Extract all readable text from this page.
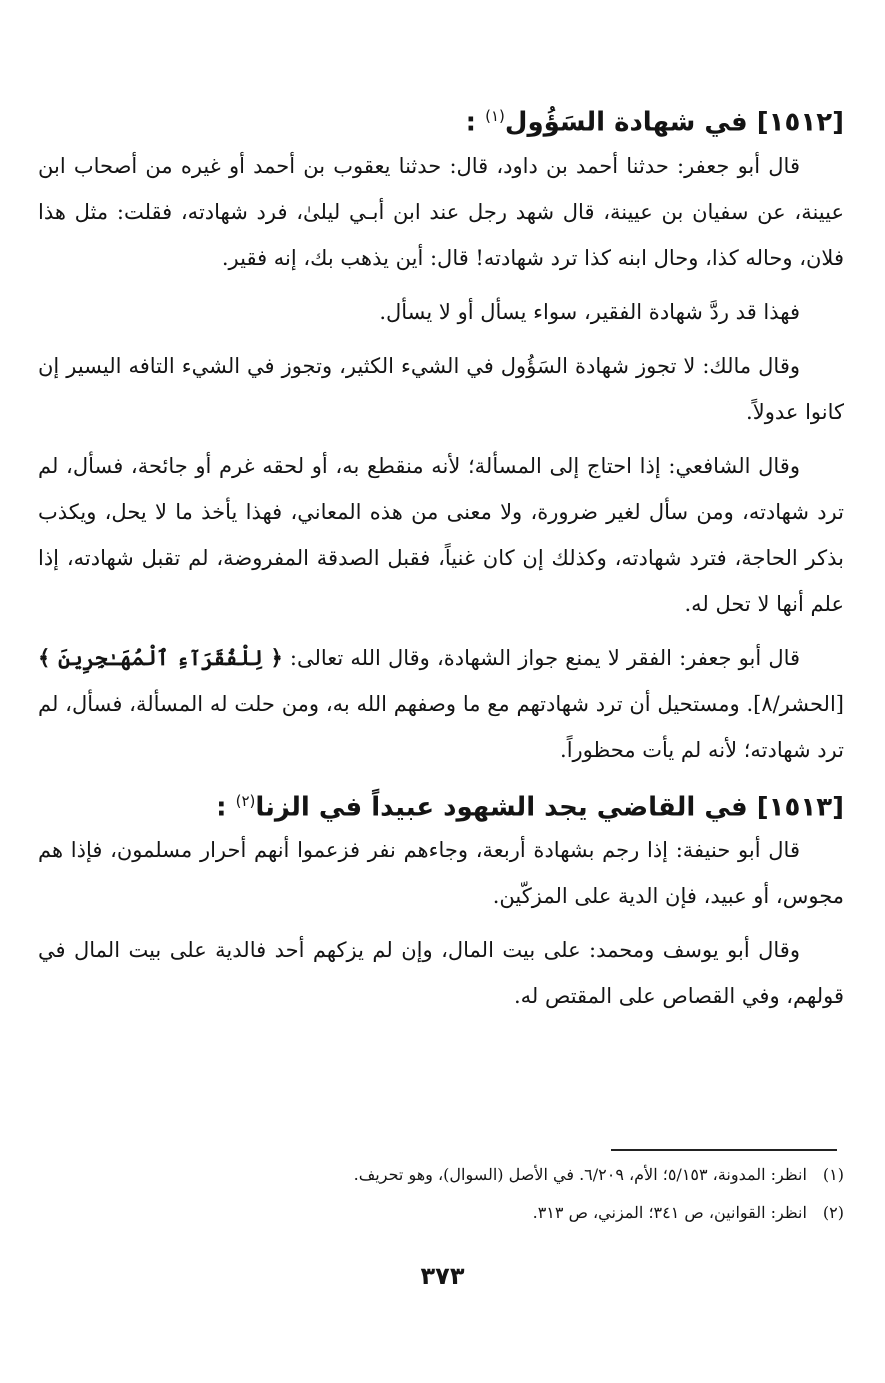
[١٥١٢] في شهادة السَؤُول$^{(١)}$ :

قال أبو جعفر: حدثنا أحمد بن داود، قال: حدثنا يعقوب بن أحمد أو غيره من أصحاب ابن عيينة، عن سفيان بن عيينة، قال شهد رجل عند ابن أبـي ليلىٰ، فرد شهادته، فقلت: مثل هذا فلان، وحاله كذا، وحال ابنه كذا ترد شهادته! قال: أين يذهب بك، إنه فقير.

فهذا قد ردَّ شهادة الفقير، سواء يسأل أو لا يسأل.

وقال مالك: لا تجوز شهادة السَؤُول في الشيء الكثير، وتجوز في الشيء التافه اليسير إن كانوا عدولاً.

وقال الشافعي: إذا احتاج إلى المسألة؛ لأنه منقطع به، أو لحقه غرم أو جائحة، فسأل، لم ترد شهادته، ومن سأل لغير ضرورة، ولا معنى من هذه المعاني، فهذا يأخذ ما لا يحل، ويكذب بذكر الحاجة، فترد شهادته، وكذلك إن كان غنياً، فقبل الصدقة المفروضة، لم تقبل شهادته، إذا علم أنها لا تحل له.

قال أبو جعفر: الفقر لا يمنع جواز الشهادة، وقال الله تعالى: ﴿ لِلْفُقَرَآءِ ٱلْمُهَـٰجِرِينَ ﴾ [الحشر/٨]. ومستحيل أن ترد شهادتهم مع ما وصفهم الله به، ومن حلت له المسألة، فسأل، لم ترد شهادته؛ لأنه لم يأت محظوراً.

[١٥١٣] في القاضي يجد الشهود عبيداً في الزنا$^{(٢)}$ :

قال أبو حنيفة: إذا رجم بشهادة أربعة، وجاءهم نفر فزعموا أنهم أحرار مسلمون، فإذا هم مجوس، أو عبيد، فإن الدية على المزكّين.

وقال أبو يوسف ومحمد: على بيت المال، وإن لم يزكهم أحد فالدية على بيت المال في قولهم، وفي القصاص على المقتص له.

(١)انظر: المدونة، ٥/١٥٣؛ الأم، ٦/٢٠٩. في الأصل (السوال)، وهو تحريف.

(٢)انظر: القوانين، ص ٣٤١؛ المزني، ص ٣١٣.

٣٧٣
